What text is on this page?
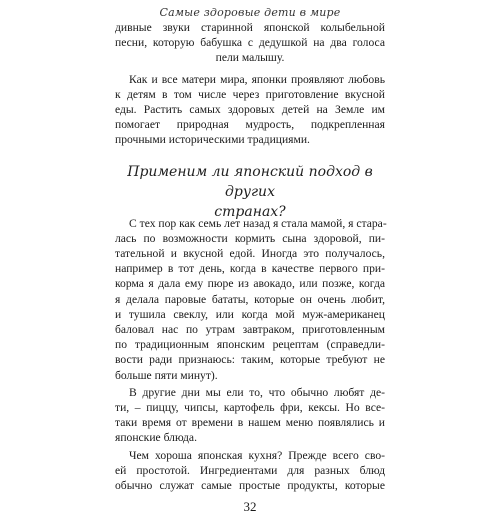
Самые здоровые дети в мире
дивные звуки старинной японской колыбельной
песни, которую бабушка с дедушкой на два голоса
пели малышу.
Как и все матери мира, японки проявляют любовь
к детям в том числе через приготовление вкусной
еды. Растить самых здоровых детей на Земле им
помогает природная мудрость, подкрепленная
прочными историческими традициями.
Применим ли японский подход в других
странах?
С тех пор как семь лет назад я стала мамой, я стара-
лась по возможности кормить сына здоровой, пи-
тательной и вкусной едой. Иногда это получалось,
например в тот день, когда в качестве первого при-
корма я дала ему пюре из авокадо, или позже, когда
я делала паровые бататы, которые он очень любит,
и тушила свеклу, или когда мой муж-американец
баловал нас по утрам завтраком, приготовленным
по традиционным японским рецептам (справедли-
вости ради признаюсь: таким, которые требуют не
больше пяти минут).
В другие дни мы ели то, что обычно любят де-
ти, – пиццу, чипсы, картофель фри, кексы. Но все-
таки время от времени в нашем меню появлялись и
японские блюда.
32
Чем хороша японская кухня? Прежде всего сво-
ей простотой. Ингредиентами для разных блюд
обычно служат самые простые продукты, которые
